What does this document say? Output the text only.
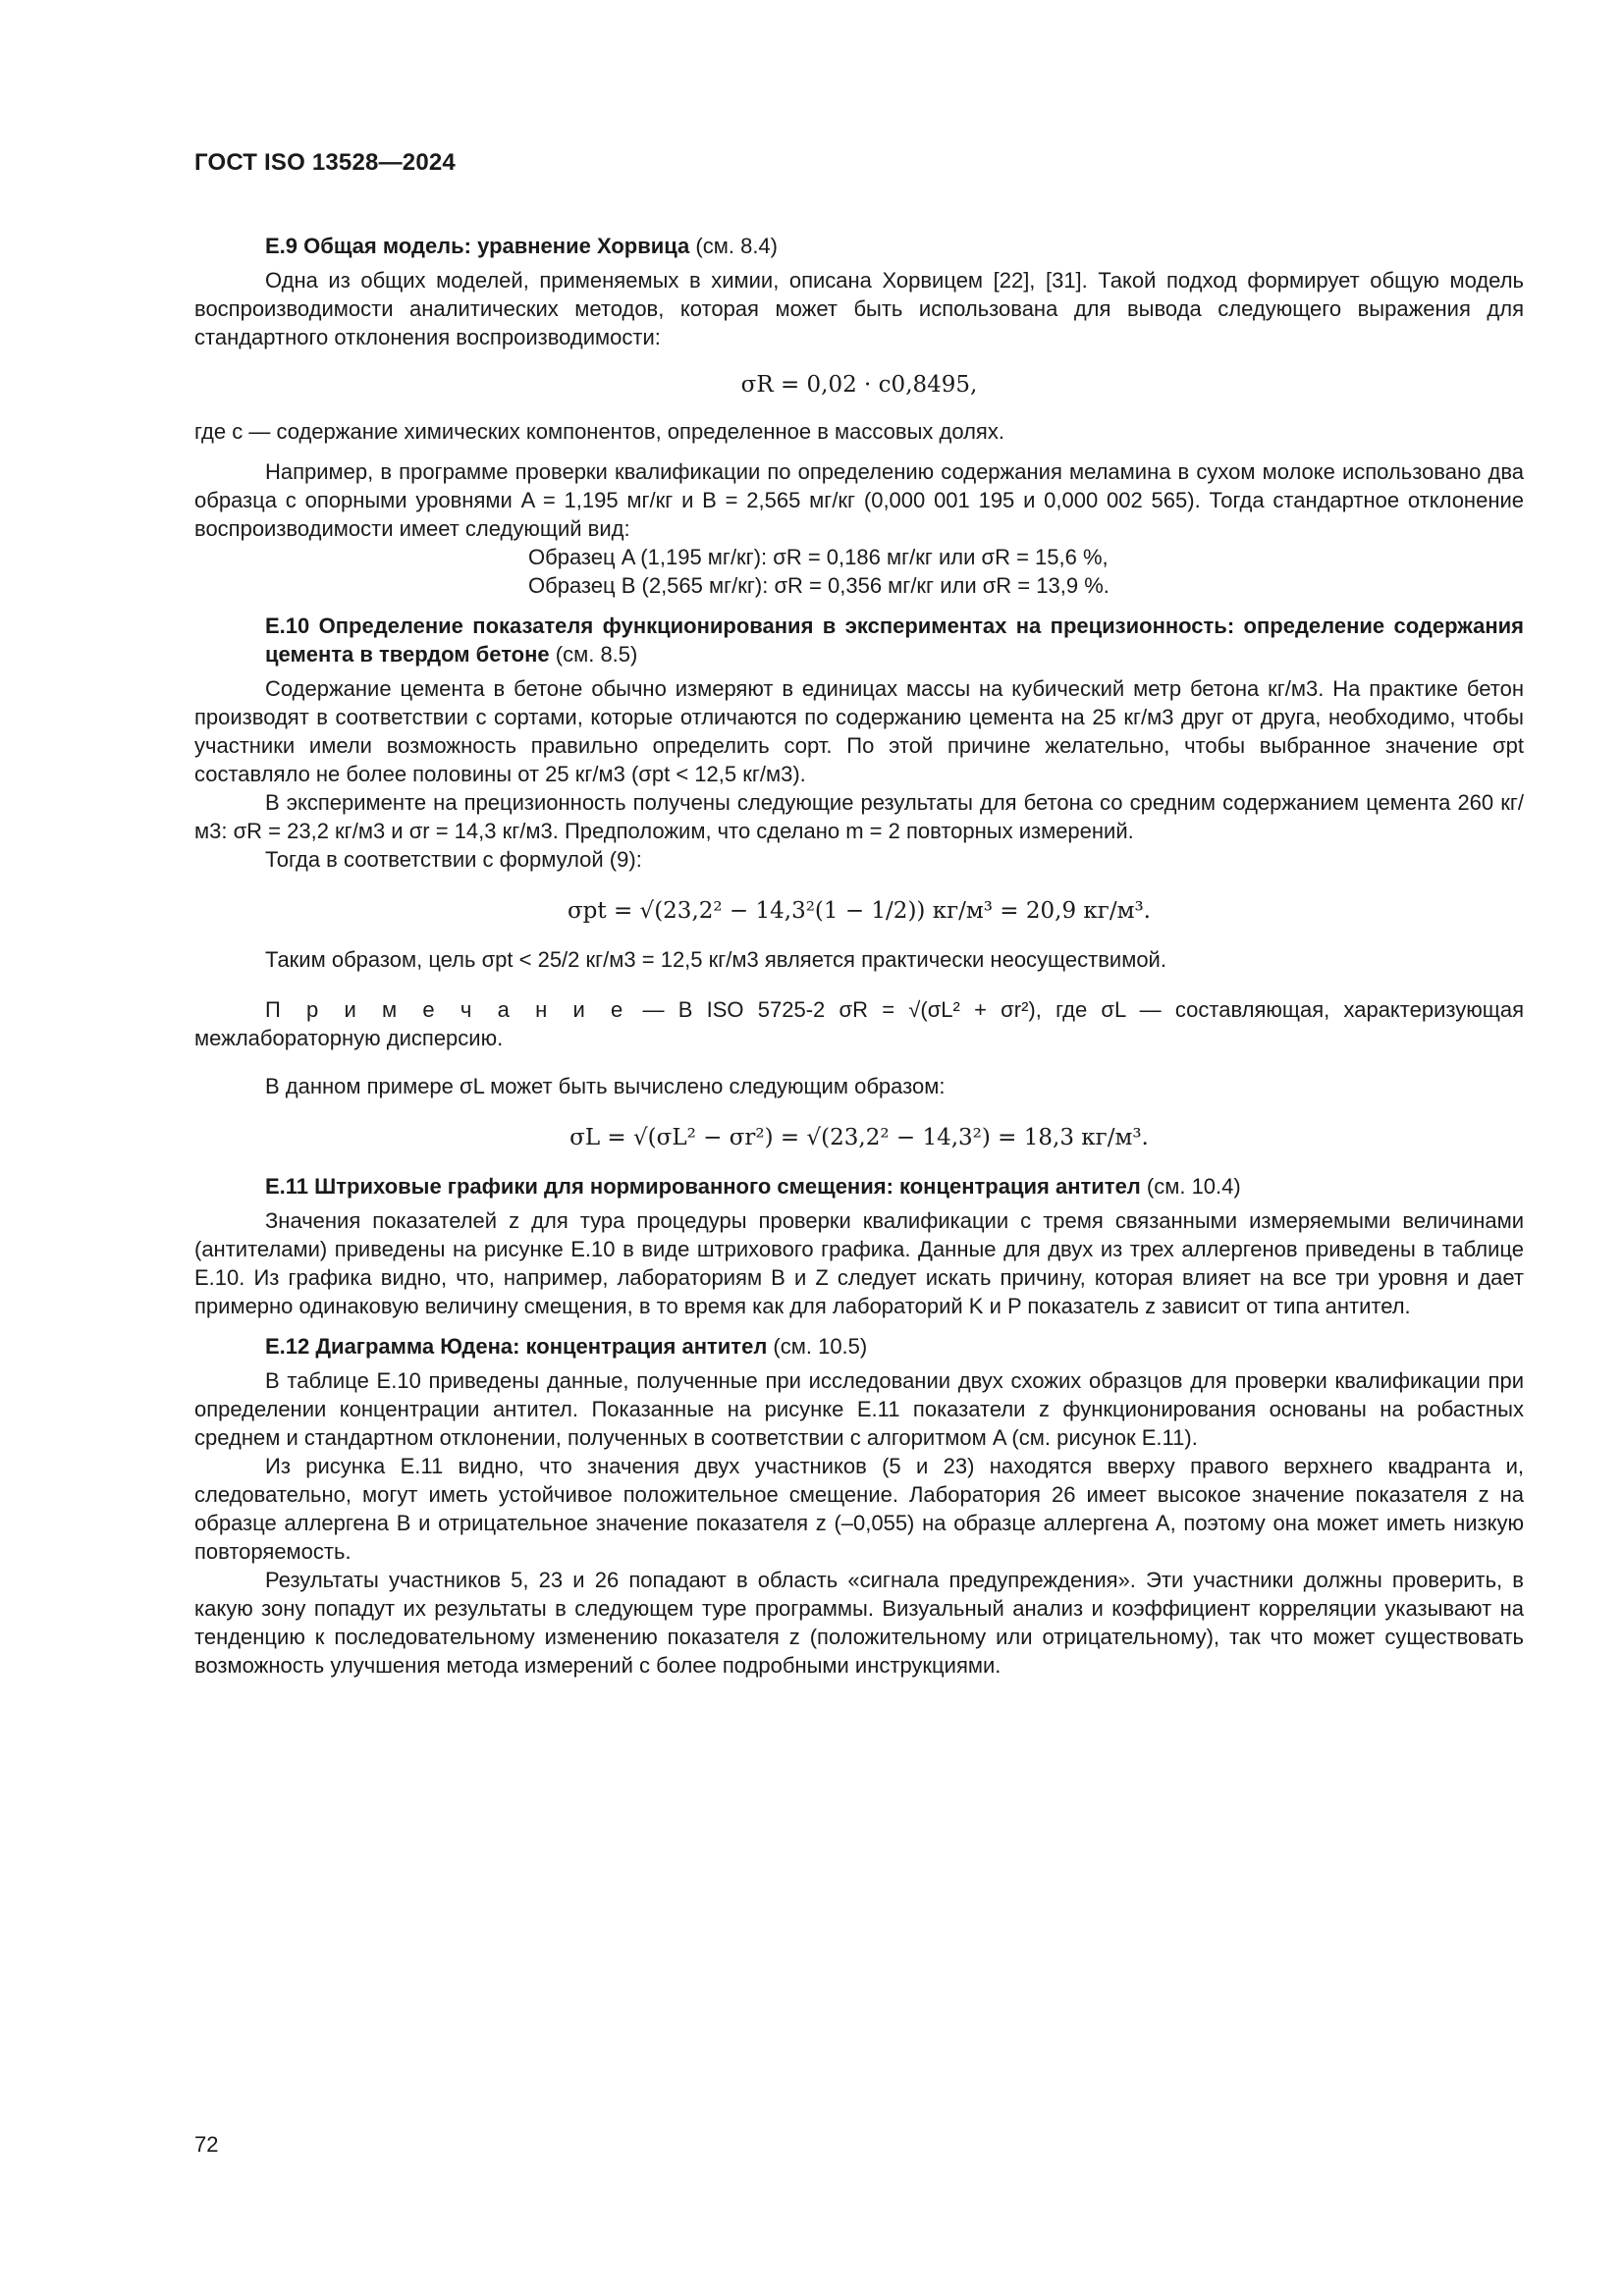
ГОСТ ISO 13528—2024

E.9 Общая модель: уравнение Хорвица (см. 8.4)

Одна из общих моделей, применяемых в химии, описана Хорвицем [22], [31]. Такой подход формирует общую модель воспроизводимости аналитических методов, которая может быть использована для вывода следующего выражения для стандартного отклонения воспроизводимости:

σR = 0,02 · c0,8495,

где c — содержание химических компонентов, определенное в массовых долях.

Например, в программе проверки квалификации по определению содержания меламина в сухом молоке использовано два образца с опорными уровнями A = 1,195 мг/кг и B = 2,565 мг/кг (0,000 001 195 и 0,000 002 565). Тогда стандартное отклонение воспроизводимости имеет следующий вид:

Образец A (1,195 мг/кг): σR = 0,186 мг/кг или σR = 15,6 %,

Образец B (2,565 мг/кг): σR = 0,356 мг/кг или σR = 13,9 %.

E.10 Определение показателя функционирования в экспериментах на прецизионность: определение содержания цемента в твердом бетоне (см. 8.5)

Содержание цемента в бетоне обычно измеряют в единицах массы на кубический метр бетона кг/м3. На практике бетон производят в соответствии с сортами, которые отличаются по содержанию цемента на 25 кг/м3 друг от друга, необходимо, чтобы участники имели возможность правильно определить сорт. По этой причине желательно, чтобы выбранное значение σpt составляло не более половины от 25 кг/м3 (σpt < 12,5 кг/м3).

В эксперименте на прецизионность получены следующие результаты для бетона со средним содержанием цемента 260 кг/м3: σR = 23,2 кг/м3 и σr = 14,3 кг/м3. Предположим, что сделано m = 2 повторных измерений.

Тогда в соответствии с формулой (9):

σpt = √(23,2² − 14,3²(1 − 1/2)) кг/м³ = 20,9 кг/м³.

Таким образом, цель σpt < 25/2 кг/м3 = 12,5 кг/м3 является практически неосуществимой.

П р и м е ч а н и е — В ISO 5725-2 σR = √(σL² + σr²), где σL — составляющая, характеризующая межлабораторную дисперсию.

В данном примере σL может быть вычислено следующим образом:

σL = √(σL² − σr²) = √(23,2² − 14,3²) = 18,3 кг/м³.

E.11 Штриховые графики для нормированного смещения: концентрация антител (см. 10.4)

Значения показателей z для тура процедуры проверки квалификации с тремя связанными измеряемыми величинами (антителами) приведены на рисунке E.10 в виде штрихового графика. Данные для двух из трех аллергенов приведены в таблице E.10. Из графика видно, что, например, лабораториям B и Z следует искать причину, которая влияет на все три уровня и дает примерно одинаковую величину смещения, в то время как для лабораторий K и P показатель z зависит от типа антител.

E.12 Диаграмма Юдена: концентрация антител (см. 10.5)

В таблице E.10 приведены данные, полученные при исследовании двух схожих образцов для проверки квалификации при определении концентрации антител. Показанные на рисунке E.11 показатели z функционирования основаны на робастных среднем и стандартном отклонении, полученных в соответствии с алгоритмом A (см. рисунок E.11).

Из рисунка E.11 видно, что значения двух участников (5 и 23) находятся вверху правого верхнего квадранта и, следовательно, могут иметь устойчивое положительное смещение. Лаборатория 26 имеет высокое значение показателя z на образце аллергена B и отрицательное значение показателя z (–0,055) на образце аллергена A, поэтому она может иметь низкую повторяемость.

Результаты участников 5, 23 и 26 попадают в область «сигнала предупреждения». Эти участники должны проверить, в какую зону попадут их результаты в следующем туре программы. Визуальный анализ и коэффициент корреляции указывают на тенденцию к последовательному изменению показателя z (положительному или отрицательному), так что может существовать возможность улучшения метода измерений с более подробными инструкциями.

72
